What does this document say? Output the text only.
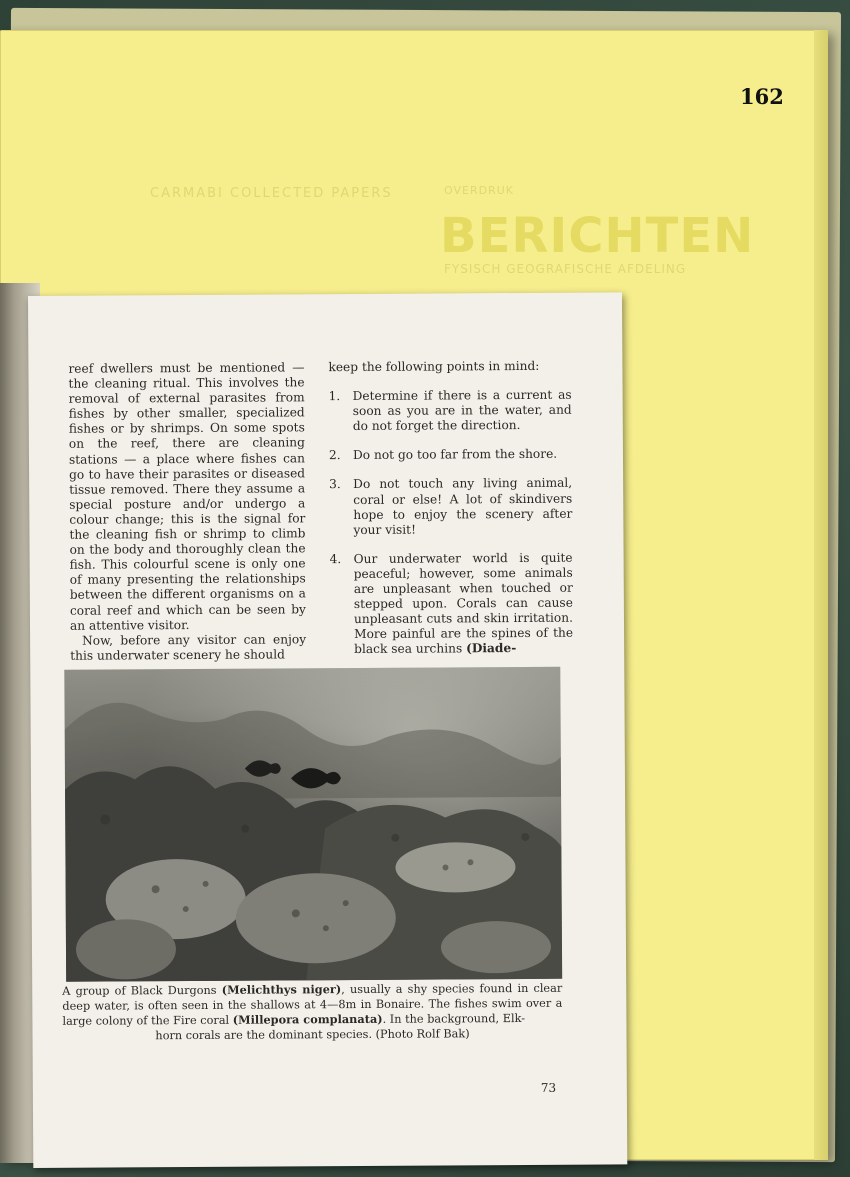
162
CARMABI COLLECTED PAPERS	OVERDRUK
BERICHTEN
FYSISCH GEOGRAFISCHE AFDELING

reef dwellers must be mentioned — the cleaning ritual. This involves the removal of external parasites from fishes by other smaller, specialized fishes or by shrimps. On some spots on the reef, there are cleaning stations — a place where fishes can go to have their parasites or diseased tissue removed. There they assume a special posture and/or undergo a colour change; this is the signal for the cleaning fish or shrimp to climb on the body and thoroughly clean the fish. This colourful scene is only one of many presenting the relationships between the different organisms on a coral reef and which can be seen by an attentive visitor.

Now, before any visitor can enjoy this underwater scenery he should

keep the following points in mind:

1.	Determine if there is a current as soon as you are in the water, and do not forget the direction.
2.	Do not go too far from the shore.
3.	Do not touch any living animal, coral or else! A lot of skindivers hope to enjoy the scenery after your visit!
4.	Our underwater world is quite peaceful; however, some animals are unpleasant when touched or stepped upon. Corals can cause unpleasant cuts and skin irritation. More painful are the spines of the black sea urchins (Diade-

A group of Black Durgons (Melichthys niger), usually a shy species found in clear deep water, is often seen in the shallows at 4—8m in Bonaire. The fishes swim over a large colony of the Fire coral (Millepora complanata). In the background, Elk-

horn corals are the dominant species. (Photo Rolf Bak)

73
